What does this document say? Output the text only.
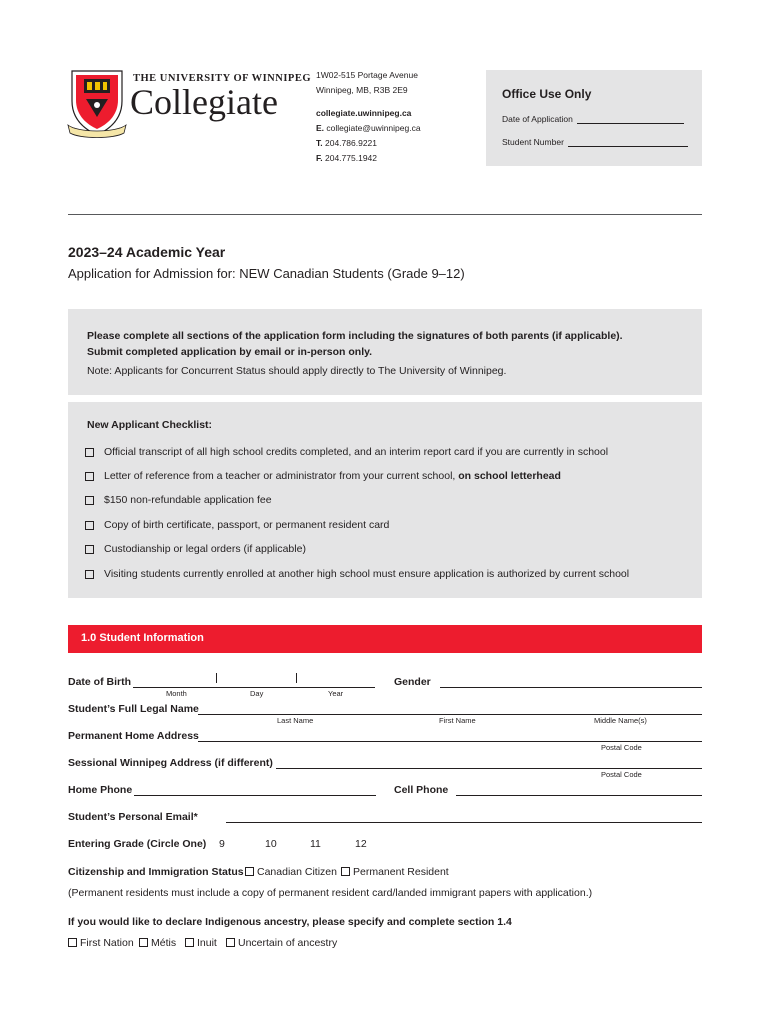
THE UNIVERSITY OF WINNIPEG
Collegiate
1W02-515 Portage Avenue
Winnipeg, MB, R3B 2E9
collegiate.uwinnipeg.ca
E. collegiate@uwinnipeg.ca
T. 204.786.9221
F. 204.775.1942
Office Use Only
Date of Application
Student Number
2023–24 Academic Year
Application for Admission for: NEW Canadian Students (Grade 9–12)
Please complete all sections of the application form including the signatures of both parents (if applicable).
Submit completed application by email or in-person only.
Note: Applicants for Concurrent Status should apply directly to The University of Winnipeg.
New Applicant Checklist:
Official transcript of all high school credits completed, and an interim report card if you are currently in school
Letter of reference from a teacher or administrator from your current school, on school letterhead
$150 non-refundable application fee
Copy of birth certificate, passport, or permanent resident card
Custodianship or legal orders (if applicable)
Visiting students currently enrolled at another high school must ensure application is authorized by current school
1.0 Student Information
Date of Birth
Month	Day	Year
Gender
Student’s Full Legal Name
Last Name	First Name	Middle Name(s)
Permanent Home Address
Postal Code
Sessional Winnipeg Address (if different)
Postal Code
Home Phone	Cell Phone
Student’s Personal Email*
Entering Grade (Circle One) 9	10	11	12
Citizenship and Immigration Status	Canadian Citizen	Permanent Resident
(Permanent residents must include a copy of permanent resident card/landed immigrant papers with application.)
If you would like to declare Indigenous ancestry, please specify and complete section 1.4
First Nation	Métis	Inuit	Uncertain of ancestry
